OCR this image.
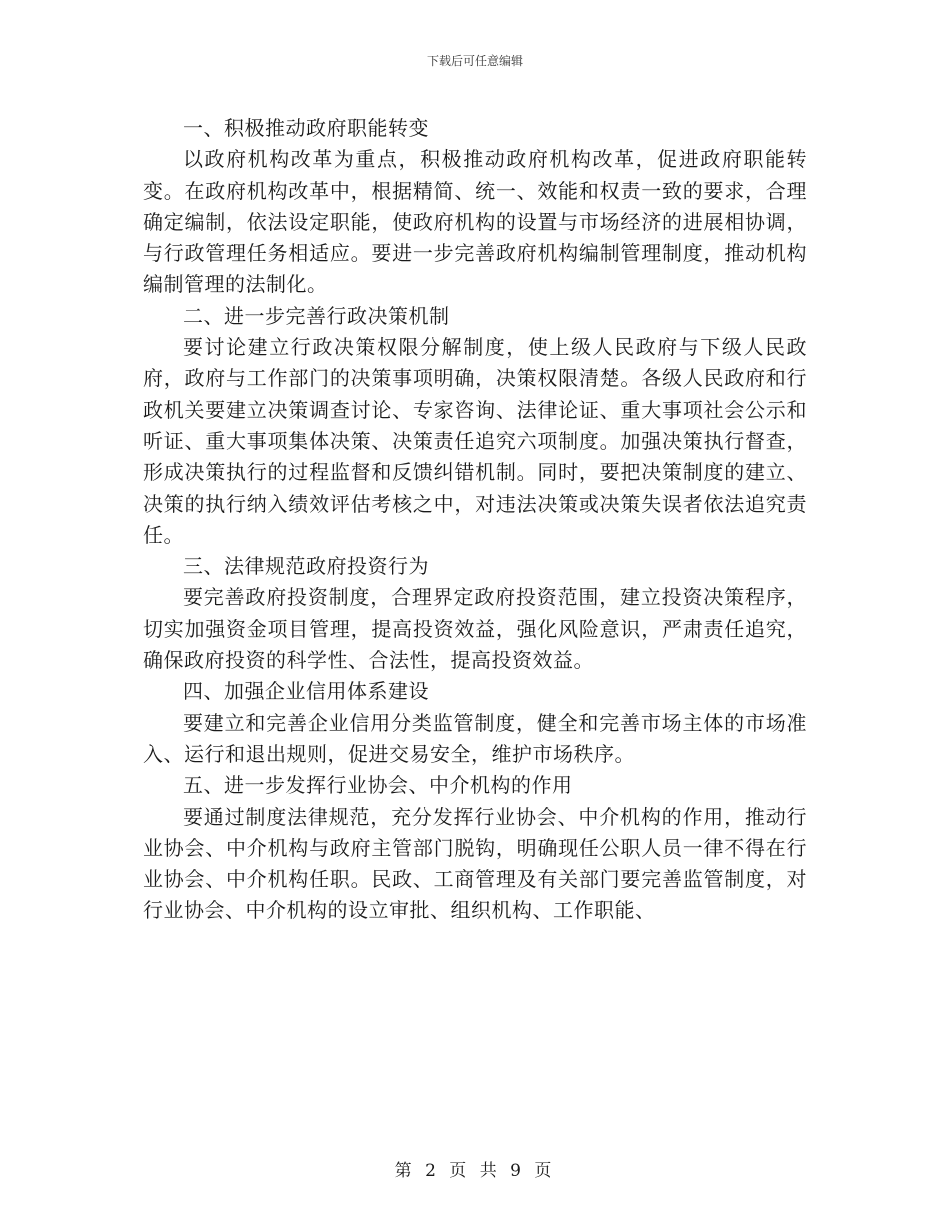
下载后可任意编辑

一、积极推动政府职能转变

以政府机构改革为重点，积极推动政府机构改革，促进政府职能转变。在政府机构改革中，根据精简、统一、效能和权责一致的要求，合理确定编制，依法设定职能，使政府机构的设置与市场经济的进展相协调，与行政管理任务相适应。要进一步完善政府机构编制管理制度，推动机构编制管理的法制化。

二、进一步完善行政决策机制

要讨论建立行政决策权限分解制度，使上级人民政府与下级人民政府，政府与工作部门的决策事项明确，决策权限清楚。各级人民政府和行政机关要建立决策调查讨论、专家咨询、法律论证、重大事项社会公示和听证、重大事项集体决策、决策责任追究六项制度。加强决策执行督查，形成决策执行的过程监督和反馈纠错机制。同时，要把决策制度的建立、决策的执行纳入绩效评估考核之中，对违法决策或决策失误者依法追究责任。

三、法律规范政府投资行为

要完善政府投资制度，合理界定政府投资范围，建立投资决策程序，切实加强资金项目管理，提高投资效益，强化风险意识，严肃责任追究，确保政府投资的科学性、合法性，提高投资效益。

四、加强企业信用体系建设

要建立和完善企业信用分类监管制度，健全和完善市场主体的市场准入、运行和退出规则，促进交易安全，维护市场秩序。

五、进一步发挥行业协会、中介机构的作用

要通过制度法律规范，充分发挥行业协会、中介机构的作用，推动行业协会、中介机构与政府主管部门脱钩，明确现任公职人员一律不得在行业协会、中介机构任职。民政、工商管理及有关部门要完善监管制度，对行业协会、中介机构的设立审批、组织机构、工作职能、

第 2 页 共 9 页
